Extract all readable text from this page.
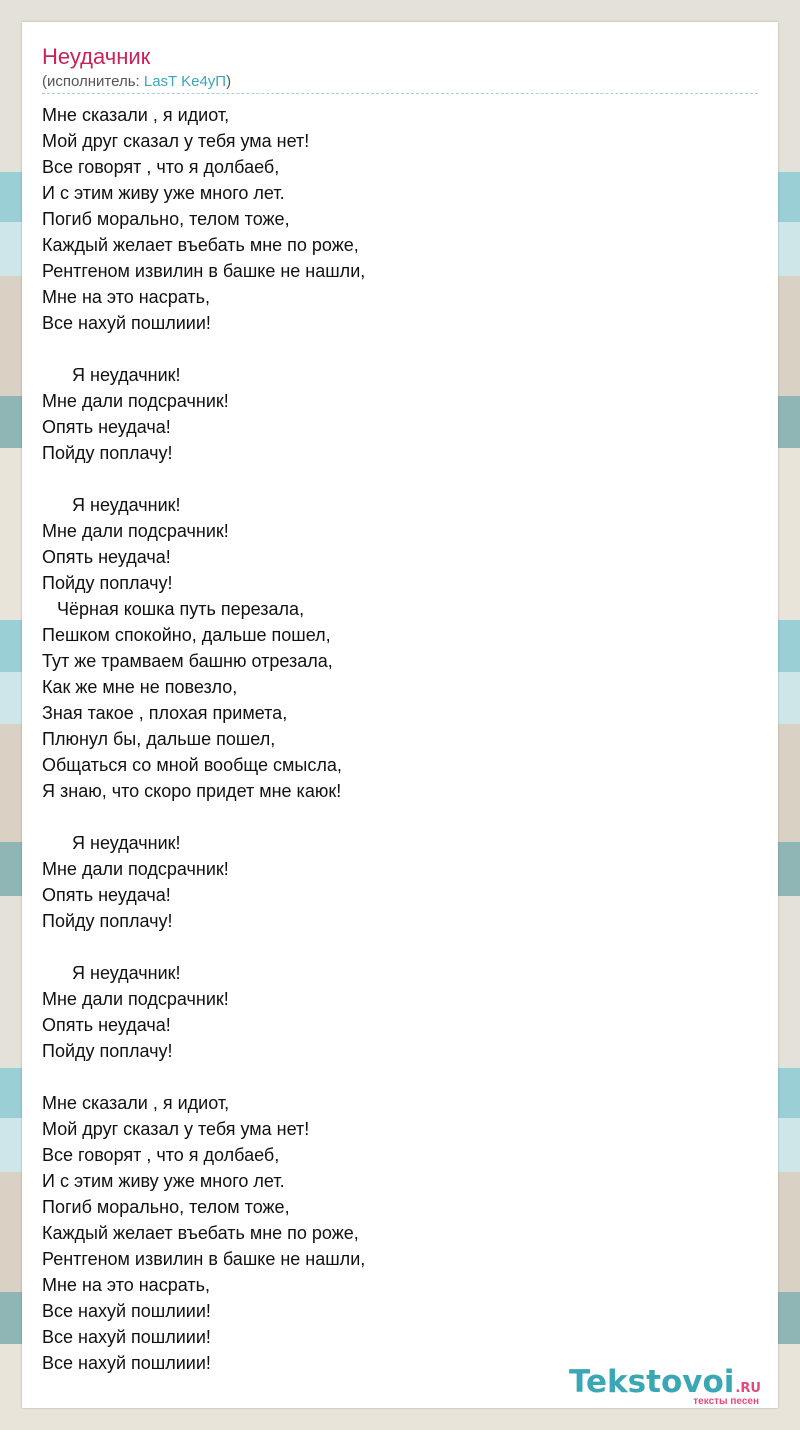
Неудачник
(исполнитель: LasT Ke4yП)
Мне сказали , я идиот,
Мой друг сказал у тебя ума нет!
Все говорят , что я долбаеб,
И с этим живу уже много лет.
Погиб морально, телом тоже,
Каждый желает въебать мне по роже,
Рентгеном извилин в башке не нашли,
Мне на это насрать,
Все нахуй пошлиии!

Я неудачник!
Мне дали подсрачник!
Опять неудача!
Пойду поплачу!

Я неудачник!
Мне дали подсрачник!
Опять неудача!
Пойду поплачу!
Чёрная кошка путь перезала,
Пешком спокойно, дальше пошел,
Тут же трамваем башню отрезала,
Как же мне не повезло,
Зная такое , плохая примета,
Плюнул бы, дальше пошел,
Общаться со мной вообще смысла,
Я знаю, что скоро придет мне каюк!

Я неудачник!
Мне дали подсрачник!
Опять неудача!
Пойду поплачу!

Я неудачник!
Мне дали подсрачник!
Опять неудача!
Пойду поплачу!

Мне сказали , я идиот,
Мой друг сказал у тебя ума нет!
Все говорят , что я долбаеб,
И с этим живу уже много лет.
Погиб морально, телом тоже,
Каждый желает въебать мне по роже,
Рентгеном извилин в башке не нашли,
Мне на это насрать,
Все нахуй пошлиии!
Все нахуй пошлиии!
Все нахуй пошлиии!
Tekstovoi.RU
тексты песен
